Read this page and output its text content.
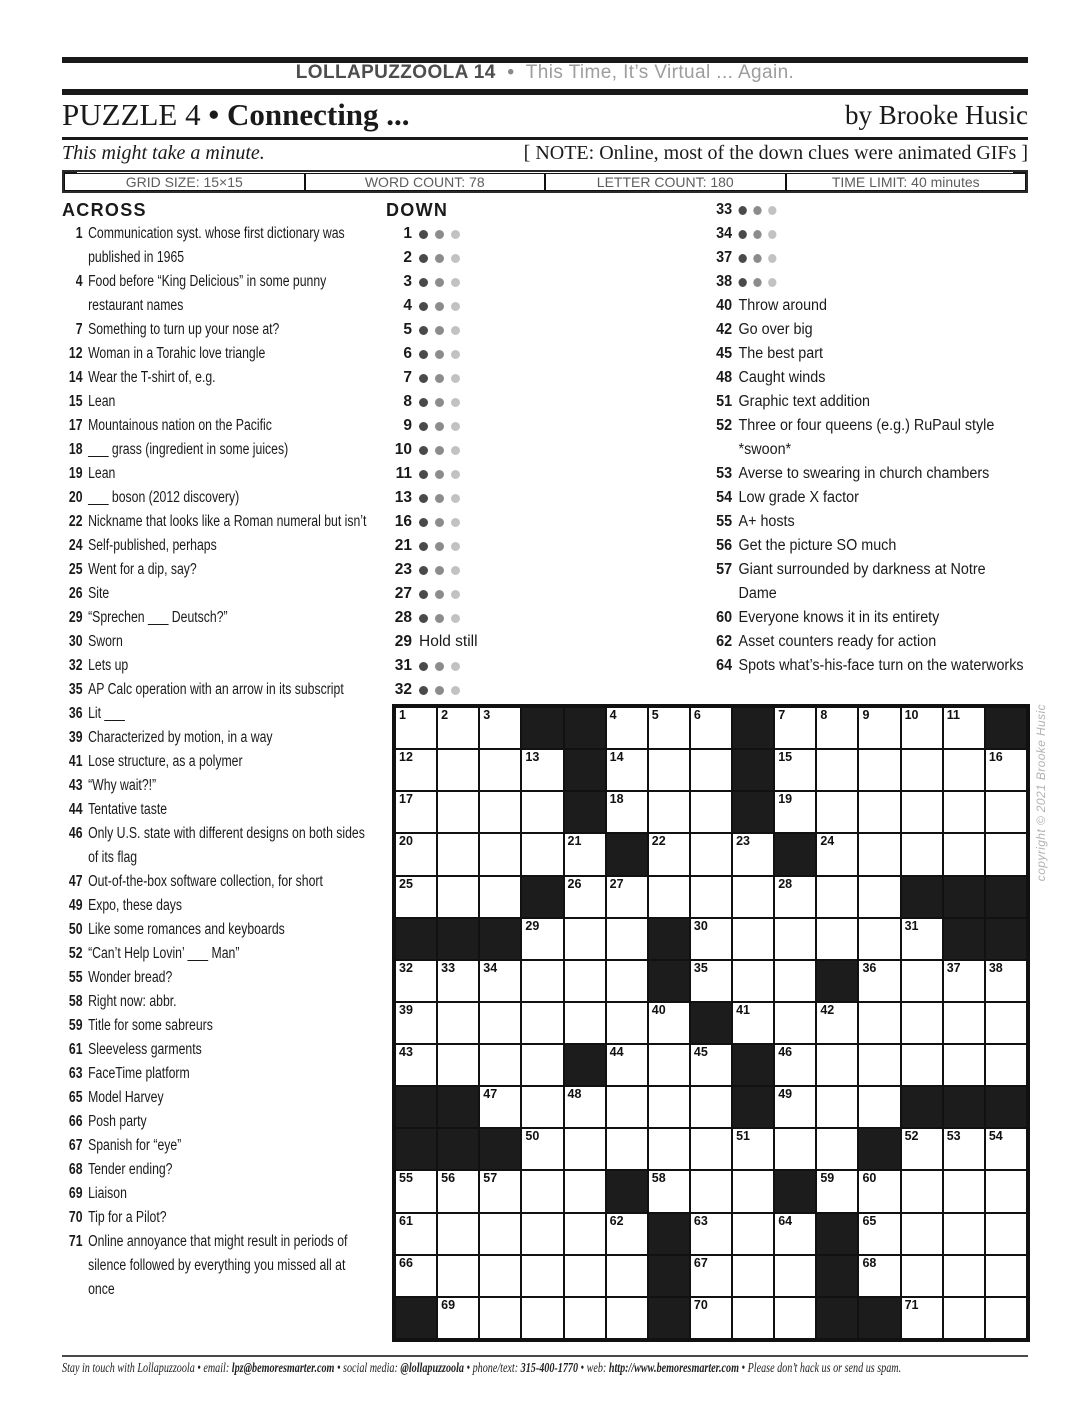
LOLLAPUZZOOLA 14 • This Time, It’s Virtual ... Again.
PUZZLE 4 • Connecting ...	by Brooke Husic
This might take a minute.	[ NOTE: Online, most of the down clues were animated GIFs ]
GRID SIZE: 15×15	WORD COUNT: 78	LETTER COUNT: 180	TIME LIMIT: 40 minutes
ACROSS
1 Communication syst. whose first dictionary was published in 1965
4 Food before “King Delicious” in some punny restaurant names
7 Something to turn up your nose at?
12 Woman in a Torahic love triangle
14 Wear the T-shirt of, e.g.
15 Lean
17 Mountainous nation on the Pacific
18 ___ grass (ingredient in some juices)
19 Lean
20 ___ boson (2012 discovery)
22 Nickname that looks like a Roman numeral but isn’t
24 Self-published, perhaps
25 Went for a dip, say?
26 Site
29 “Sprechen ___ Deutsch?”
30 Sworn
32 Lets up
35 AP Calc operation with an arrow in its subscript
36 Lit ___
39 Characterized by motion, in a way
41 Lose structure, as a polymer
43 “Why wait?!”
44 Tentative taste
46 Only U.S. state with different designs on both sides of its flag
47 Out-of-the-box software collection, for short
49 Expo, these days
50 Like some romances and keyboards
52 “Can’t Help Lovin’ ___ Man”
55 Wonder bread?
58 Right now: abbr.
59 Title for some sabreurs
61 Sleeveless garments
63 FaceTime platform
65 Model Harvey
66 Posh party
67 Spanish for “eye”
68 Tender ending?
69 Liaison
70 Tip for a Pilot?
71 Online annoyance that might result in periods of silence followed by everything you missed all at once
DOWN
1
2
3
4
5
6
7
8
9
10
11
13
16
21
23
27
28
29 Hold still
31
32
33
34
37
38
40 Throw around
42 Go over big
45 The best part
48 Caught winds
51 Graphic text addition
52 Three or four queens (e.g.) RuPaul style *swoon*
53 Averse to swearing in church chambers
54 Low grade X factor
55 A+ hosts
56 Get the picture SO much
57 Giant surrounded by darkness at Notre Dame
60 Everyone knows it in its entirety
62 Asset counters ready for action
64 Spots what’s-his-face turn on the waterworks
1	2	3	4	5	6	7	8	9	10 11
12	13	14	15	16
17	18	19
20	21	22	23	24
25	26 27	28
29	30	31
32 33 34	35	36	37 38
39	40	41	42
43	44	45	46
47	48	49
50	51	52 53 54
55 56 57	58	59 60
61	62	63	64	65
66	67	68
69	70	71
copyright © 2021 Brooke Husic
Stay in touch with Lollapuzzoola • email: lpz@bemoresmarter.com • social media: @lollapuzzoola • phone/text: 315-400-1770 • web: http://www.bemoresmarter.com • Please don’t hack us or send us spam.
